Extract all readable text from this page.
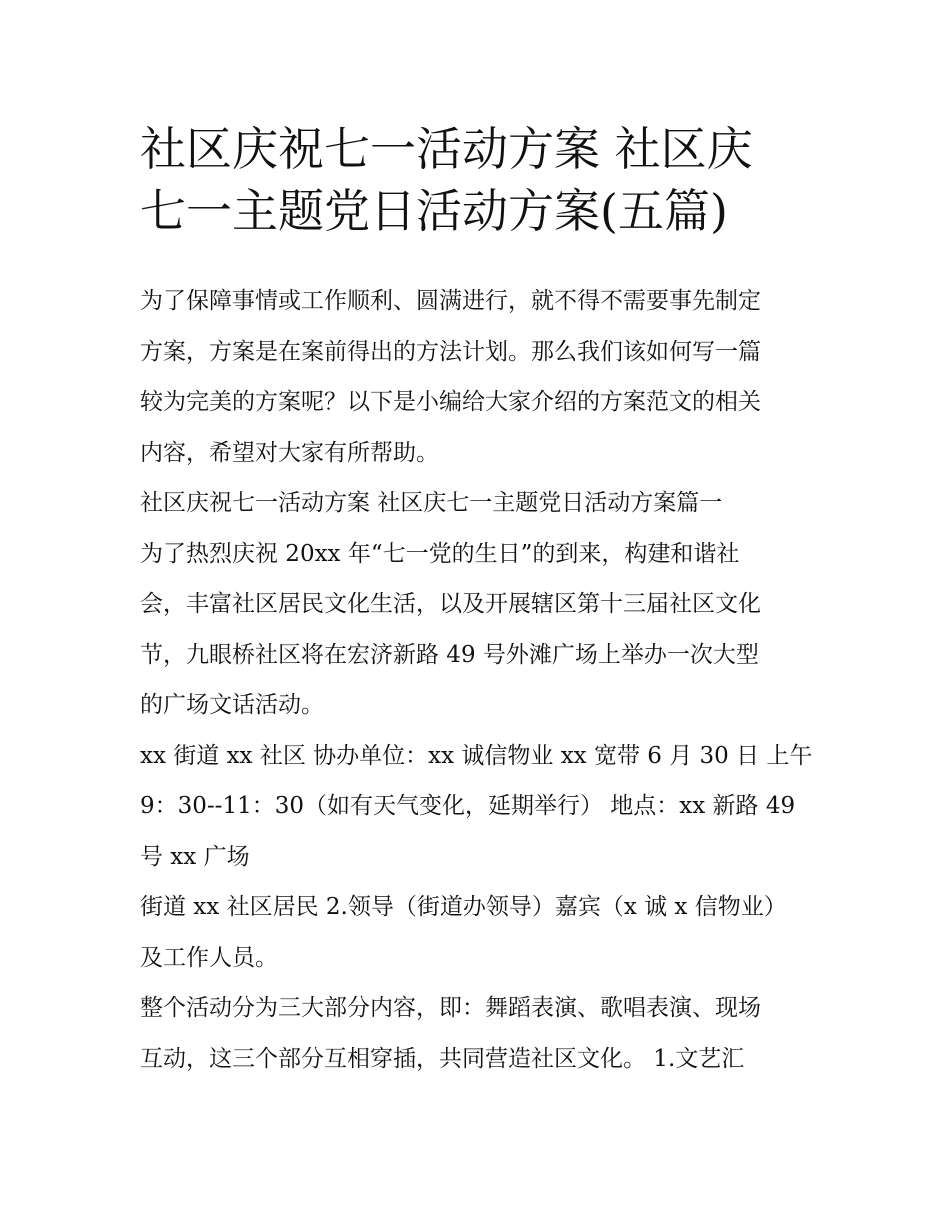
社区庆祝七一活动方案 社区庆
七一主题党日活动方案(五篇)
为了保障事情或工作顺利、圆满进行，就不得不需要事先制定
方案，方案是在案前得出的方法计划。那么我们该如何写一篇
较为完美的方案呢？以下是小编给大家介绍的方案范文的相关
内容，希望对大家有所帮助。
社区庆祝七一活动方案 社区庆七一主题党日活动方案篇一
为了热烈庆祝 20xx 年“七一党的生日”的到来，构建和谐社
会，丰富社区居民文化生活，以及开展辖区第十三届社区文化
节，九眼桥社区将在宏济新路 49 号外滩广场上举办一次大型
的广场文话活动。
xx 街道 xx 社区 协办单位：xx 诚信物业 xx 宽带 6 月 30 日 上午
9：30--11：30（如有天气变化，延期举行） 地点：xx 新路 49
号 xx 广场
街道 xx 社区居民 2.领导（街道办领导）嘉宾（x 诚 x 信物业）
及工作人员。
整个活动分为三大部分内容，即：舞蹈表演、歌唱表演、现场
互动，这三个部分互相穿插，共同营造社区文化。 1.文艺汇
